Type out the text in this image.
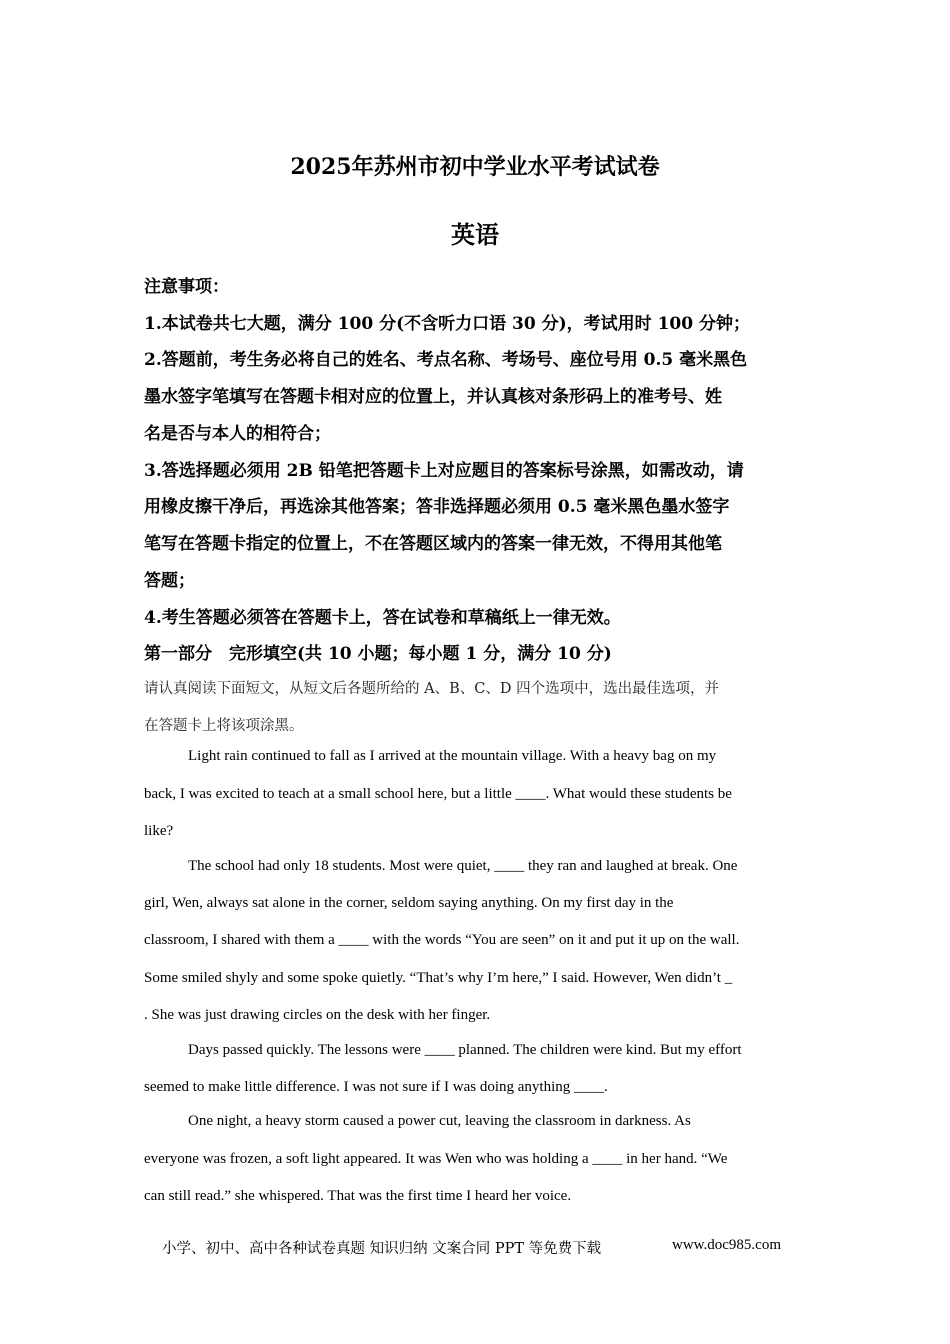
2025年苏州市初中学业水平考试试卷
英语
注意事项：
1.本试卷共七大题，满分 100 分(不含听力口语 30 分)，考试用时 100 分钟；
2.答题前，考生务必将自己的姓名、考点名称、考场号、座位号用 0.5 毫米黑色
墨水签字笔填写在答题卡相对应的位置上，并认真核对条形码上的准考号、姓
名是否与本人的相符合；
3.答选择题必须用 2B 铅笔把答题卡上对应题目的答案标号涂黑，如需改动，请
用橡皮擦干净后，再选涂其他答案；答非选择题必须用 0.5 毫米黑色墨水签字
笔写在答题卡指定的位置上，不在答题区域内的答案一律无效，不得用其他笔
答题；
4.考生答题必须答在答题卡上，答在试卷和草稿纸上一律无效。
第一部分　完形填空(共 10 小题；每小题 1 分，满分 10 分)
请认真阅读下面短文，从短文后各题所给的 A、B、C、D 四个选项中，选出最佳选项，并
在答题卡上将该项涂黑。
Light rain continued to fall as I arrived at the mountain village. With a heavy bag on my
back, I was excited to teach at a small school here, but a little ____. What would these students be
like?
The school had only 18 students. Most were quiet, ____ they ran and laughed at break. One
girl, Wen, always sat alone in the corner, seldom saying anything. On my first day in the
classroom, I shared with them a ____ with the words “You are seen” on it and put it up on the wall.
Some smiled shyly and some spoke quietly. “That’s why I’m here,” I said. However, Wen didn’t _
. She was just drawing circles on the desk with her finger.
Days passed quickly. The lessons were ____ planned. The children were kind. But my effort
seemed to make little difference. I was not sure if I was doing anything ____.
One night, a heavy storm caused a power cut, leaving the classroom in darkness. As
everyone was frozen, a soft light appeared. It was Wen who was holding a ____ in her hand. “We
can still read.” she whispered. That was the first time I heard her voice.
小学、初中、高中各种试卷真题 知识归纳 文案合同 PPT 等免费下载	www.doc985.com
